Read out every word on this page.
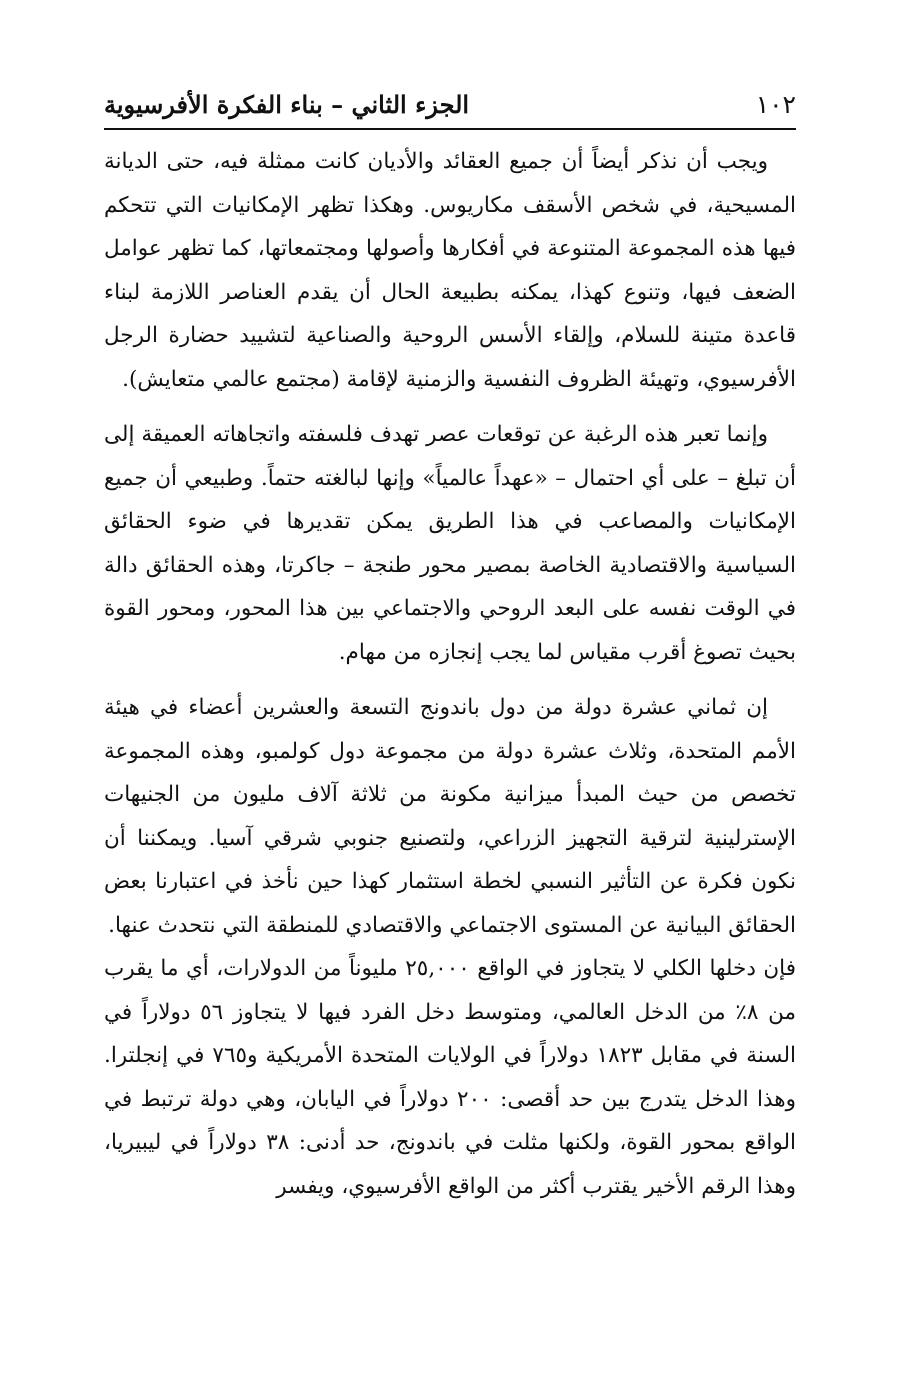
١٠٢
الجزء الثاني – بناء الفكرة الأفرسيوية

ويجب أن نذكر أيضاً أن جميع العقائد والأديان كانت ممثلة فيه، حتى الديانة المسيحية، في شخص الأسقف مكاريوس. وهكذا تظهر الإمكانيات التي تتحكم فيها هذه المجموعة المتنوعة في أفكارها وأصولها ومجتمعاتها، كما تظهر عوامل الضعف فيها، وتنوع كهذا، يمكنه بطبيعة الحال أن يقدم العناصر اللازمة لبناء قاعدة متينة للسلام، وإلقاء الأسس الروحية والصناعية لتشييد حضارة الرجل الأفرسيوي، وتهيئة الظروف النفسية والزمنية لإقامة (مجتمع عالمي متعايش).

وإنما تعبر هذه الرغبة عن توقعات عصر تهدف فلسفته واتجاهاته العميقة إلى أن تبلغ – على أي احتمال – «عهداً عالمياً» وإنها لبالغته حتماً. وطبيعي أن جميع الإمكانيات والمصاعب في هذا الطريق يمكن تقديرها في ضوء الحقائق السياسية والاقتصادية الخاصة بمصير محور طنجة – جاكرتا، وهذه الحقائق دالة في الوقت نفسه على البعد الروحي والاجتماعي بين هذا المحور، ومحور القوة بحيث تصوغ أقرب مقياس لما يجب إنجازه من مهام.

إن ثماني عشرة دولة من دول باندونج التسعة والعشرين أعضاء في هيئة الأمم المتحدة، وثلاث عشرة دولة من مجموعة دول كولمبو، وهذه المجموعة تخصص من حيث المبدأ ميزانية مكونة من ثلاثة آلاف مليون من الجنيهات الإسترلينية لترقية التجهيز الزراعي، ولتصنيع جنوبي شرقي آسيا. ويمكننا أن نكون فكرة عن التأثير النسبي لخطة استثمار كهذا حين نأخذ في اعتبارنا بعض الحقائق البيانية عن المستوى الاجتماعي والاقتصادي للمنطقة التي نتحدث عنها.

فإن دخلها الكلي لا يتجاوز في الواقع ٢٥,٠٠٠ مليوناً من الدولارات، أي ما يقرب من ٨٪ من الدخل العالمي، ومتوسط دخل الفرد فيها لا يتجاوز ٥٦ دولاراً في السنة في مقابل ١٨٢٣ دولاراً في الولايات المتحدة الأمريكية و٧٦٥ في إنجلترا. وهذا الدخل يتدرج بين حد أقصى: ٢٠٠ دولاراً في اليابان، وهي دولة ترتبط في الواقع بمحور القوة، ولكنها مثلت في باندونج، حد أدنى: ٣٨ دولاراً في ليبيريا، وهذا الرقم الأخير يقترب أكثر من الواقع الأفرسيوي، ويفسر
